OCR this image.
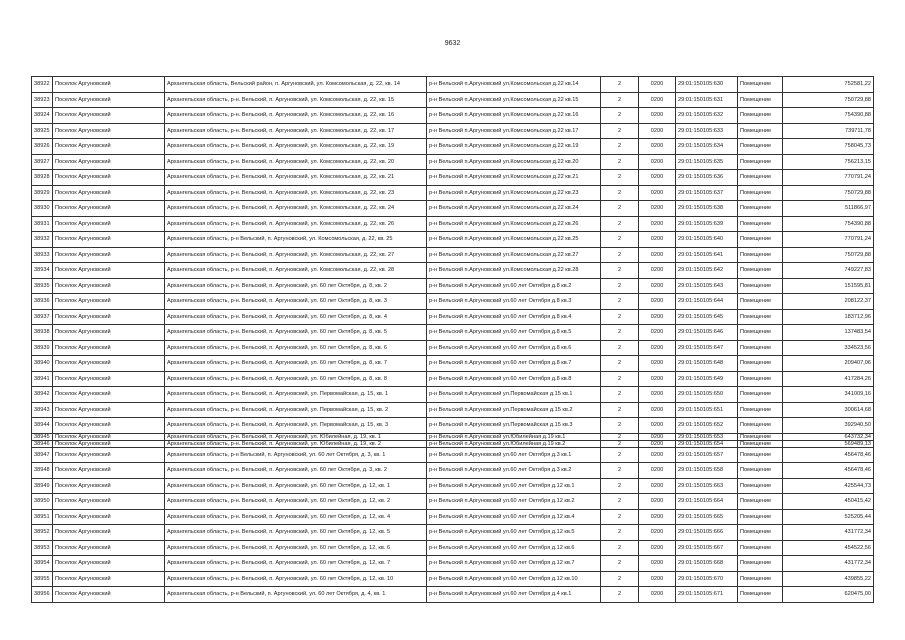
9632
38922	Поселок Аргуновский	Архангельская область, Вельский район, п. Аргуновский, ул. Комсомольская, д. 22, кв. 14	р-н Вельский п.Аргуновский ул.Комсомольская д.22 кв.14	2	0200	29:01:150105:630	Помещение	752581,22
38923	Поселок Аргуновский	Архангельская область, р-н. Вельский, п. Аргуновский, ул. Комсомольская, д. 22, кв. 15	р-н Вельский п.Аргуновский ул.Комсомольская д.22 кв.15	2	0200	29:01:150105:631	Помещение	750729,88
38924	Поселок Аргуновский	Архангельская область, р-н. Вельский, п. Аргуновский, ул. Комсомольская, д. 22, кв. 16	р-н Вельский п.Аргуновский ул.Комсомольская д.22 кв.16	2	0200	29:01:150105:632	Помещение	754390,88
38925	Поселок Аргуновский	Архангельская область, р-н. Вельский, п. Аргуновский, ул. Комсомольская, д. 22, кв. 17	р-н Вельский п.Аргуновский ул.Комсомольская д.22 кв.17	2	0200	29:01:150105:633	Помещение	739711,78
38926	Поселок Аргуновский	Архангельская область, р-н. Вельский, п. Аргуновский, ул. Комсомольская, д. 22, кв. 19	р-н Вельский п.Аргуновский ул.Комсомольская д.22 кв.19	2	0200	29:01:150105:634	Помещение	758045,73
38927	Поселок Аргуновский	Архангельская область, р-н. Вельский, п. Аргуновский, ул. Комсомольская, д. 22, кв. 20	р-н Вельский п.Аргуновский ул.Комсомольская д.22 кв.20	2	0200	29:01:150105:635	Помещение	756213,15
38928	Поселок Аргуновский	Архангельская область, р-н. Вельский, п. Аргуновский, ул. Комсомольская, д. 22, кв. 21	р-н Вельский п.Аргуновский ул.Комсомольская д.22 кв.21	2	0200	29:01:150105:636	Помещение	770791,24
38929	Поселок Аргуновский	Архангельская область, р-н. Вельский, п. Аргуновский, ул. Комсомольская, д. 22, кв. 23	р-н Вельский п.Аргуновский ул.Комсомольская д.22 кв.23	2	0200	29:01:150105:637	Помещение	750729,88
38930	Поселок Аргуновский	Архангельская область, р-н. Вельский, п. Аргуновский, ул. Комсомольская, д. 22, кв. 24	р-н Вельский п.Аргуновский ул.Комсомольская д.22 кв.24	2	0200	29:01:150105:638	Помещение	511866,97
38931	Поселок Аргуновский	Архангельская область, р-н. Вельский, п. Аргуновский, ул. Комсомольская, д. 22, кв. 26	р-н Вельский п.Аргуновский ул.Комсомольская д.22 кв.26	2	0200	29:01:150105:639	Помещение	754390,88
38932	Поселок Аргуновский	Архангельская область, р-н Вельский, п. Аргуновский, ул. Комсомольская, д. 22, кв. 25	р-н Вельский п.Аргуновский ул.Комсомольская д.22 кв.25	2	0200	29:01:150105:640	Помещение	770791,24
38933	Поселок Аргуновский	Архангельская область, р-н. Вельский, п. Аргуновский, ул. Комсомольская, д. 22, кв. 27	р-н Вельский п.Аргуновский ул.Комсомольская д.22 кв.27	2	0200	29:01:150105:641	Помещение	750729,88
38934	Поселок Аргуновский	Архангельская область, р-н. Вельский, п. Аргуновский, ул. Комсомольская, д. 22, кв. 28	р-н Вельский п.Аргуновский ул.Комсомольская д.22 кв.28	2	0200	29:01:150105:642	Помещение	749227,83
38935	Поселок Аргуновский	Архангельская область, р-н. Вельский, п. Аргуновский, ул. 60 лет Октября, д. 8, кв. 2	р-н Вельский п.Аргуновский ул.60 лет Октября д.8 кв.2	2	0200	29:01:150105:643	Помещение	151595,81
38936	Поселок Аргуновский	Архангельская область, р-н. Вельский, п. Аргуновский, ул. 60 лет Октября, д. 8, кв. 3	р-н Вельский п.Аргуновский ул.60 лет Октября д.8 кв.3	2	0200	29:01:150105:644	Помещение	208122,37
38937	Поселок Аргуновский	Архангельская область, р-н. Вельский, п. Аргуновский, ул. 60 лет Октября, д. 8, кв. 4	р-н Вельский п.Аргуновский ул.60 лет Октября д.8 кв.4	2	0200	29:01:150105:645	Помещение	183712,96
38938	Поселок Аргуновский	Архангельская область, р-н. Вельский, п. Аргуновский, ул. 60 лет Октября, д. 8, кв. 5	р-н Вельский п.Аргуновский ул.60 лет Октября д.8 кв.5	2	0200	29:01:150105:646	Помещение	137483,54
38939	Поселок Аргуновский	Архангельская область, р-н. Вельский, п. Аргуновский, ул. 60 лет Октября, д. 8, кв. 6	р-н Вельский п.Аргуновский ул.60 лет Октября д.8 кв.6	2	0200	29:01:150105:647	Помещение	334523,56
38940	Поселок Аргуновский	Архангельская область, р-н. Вельский, п. Аргуновский, ул. 60 лет Октября, д. 8, кв. 7	р-н Вельский п.Аргуновский ул.60 лет Октября д.8 кв.7	2	0200	29:01:150105:648	Помещение	209407,06
38941	Поселок Аргуновский	Архангельская область, р-н. Вельский, п. Аргуновский, ул. 60 лет Октября, д. 8, кв. 8	р-н Вельский п.Аргуновский ул.60 лет Октября д.8 кв.8	2	0200	29:01:150105:649	Помещение	417284,26
38942	Поселок Аргуновский	Архангельская область, р-н. Вельский, п. Аргуновский, ул. Первомайская, д. 15, кв. 1	р-н Вельский п.Аргуновский ул.Первомайская д.15 кв.1	2	0200	29:01:150105:650	Помещение	341009,16
38943	Поселок Аргуновский	Архангельская область, р-н. Вельский, п. Аргуновский, ул. Первомайская, д. 15, кв. 2	р-н Вельский п.Аргуновский ул.Первомайская д.15 кв.2	2	0200	29:01:150105:651	Помещение	300614,68
38944	Поселок Аргуновский	Архангельская область, р-н. Вельский, п. Аргуновский, ул. Первомайская, д. 15, кв. 3	р-н Вельский п.Аргуновский ул.Первомайская д.15 кв.3	2	0200	29:01:150105:652	Помещение	392940,50
38945	Поселок Аргуновский	Архангельская область, р-н. Вельский, п. Аргуновский, ул. Юбилейная, д. 19, кв. 1	р-н Вельский п.Аргуновский ул.Юбилейная д.19 кв.1	2	0200	29:01:150105:653	Помещение	643732,34
38946	Поселок Аргуновский	Архангельская область, р-н. Вельский, п. Аргуновский, ул. Юбилейная, д. 19, кв. 2	р-н Вельский п.Аргуновский ул.Юбилейная д.19 кв.2	2	0200	29:01:150105:654	Помещение	569489,13
38947	Поселок Аргуновский	Архангельская область, р-н Вельский, п. Аргуновский, ул. 60 лет Октября, д. 3, кв. 1	р-н Вельский п.Аргуновский ул.60 лет Октября д.3 кв.1	2	0200	29:01:150105:657	Помещение	456478,46
38948	Поселок Аргуновский	Архангельская область, р-н. Вельский, п. Аргуновский, ул. 60 лет Октября, д. 3, кв. 2	р-н Вельский п.Аргуновский ул.60 лет Октября д.3 кв.2	2	0200	29:01:150105:658	Помещение	456478,46
38949	Поселок Аргуновский	Архангельская область, р-н. Вельский, п. Аргуновский, ул. 60 лет Октября, д. 12, кв. 1	р-н Вельский п.Аргуновский ул.60 лет Октября д.12 кв.1	2	0200	29:01:150105:663	Помещение	425544,73
38950	Поселок Аргуновский	Архангельская область, р-н. Вельский, п. Аргуновский, ул. 60 лет Октября, д. 12, кв. 2	р-н Вельский п.Аргуновский ул.60 лет Октября д.12 кв.2	2	0200	29:01:150105:664	Помещение	450415,42
38951	Поселок Аргуновский	Архангельская область, р-н. Вельский, п. Аргуновский, ул. 60 лет Октября, д. 12, кв. 4	р-н Вельский п.Аргуновский ул.60 лет Октября д.12 кв.4	2	0200	29:01:150105:665	Помещение	525205,44
38952	Поселок Аргуновский	Архангельская область, р-н. Вельский, п. Аргуновский, ул. 60 лет Октября, д. 12, кв. 5	р-н Вельский п.Аргуновский ул.60 лет Октября д.12 кв.5	2	0200	29:01:150105:666	Помещение	431772,34
38953	Поселок Аргуновский	Архангельская область, р-н. Вельский, п. Аргуновский, ул. 60 лет Октября, д. 12, кв. 6	р-н Вельский п.Аргуновский ул.60 лет Октября д.12 кв.6	2	0200	29:01:150105:667	Помещение	454522,56
38954	Поселок Аргуновский	Архангельская область, р-н. Вельский, п. Аргуновский, ул. 60 лет Октября, д. 12, кв. 7	р-н Вельский п.Аргуновский ул.60 лет Октября д.12 кв.7	2	0200	29:01:150105:668	Помещение	431772,34
38955	Поселок Аргуновский	Архангельская область, р-н. Вельский, п. Аргуновский, ул. 60 лет Октября, д. 12, кв. 10	р-н Вельский п.Аргуновский ул.60 лет Октября д.12 кв.10	2	0200	29:01:150105:670	Помещение	439855,22
38956	Поселок Аргуновский	Архангельская область, р-н Вельский, п. Аргуновский, ул. 60 лет Октября, д. 4, кв. 1	р-н Вельский п.Аргуновский ул.60 лет Октября д.4 кв.1	2	0200	29:01:150105:671	Помещение	620475,00
